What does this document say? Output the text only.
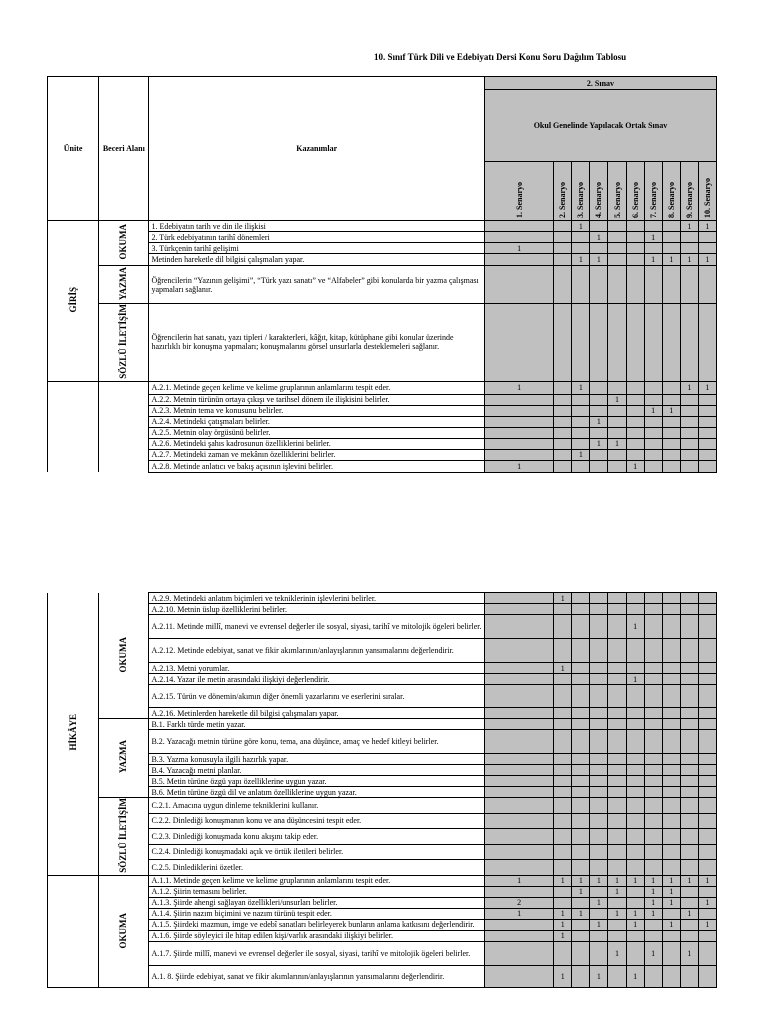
10. Sınıf Türk Dili ve Edebiyatı Dersi Konu Soru Dağılım Tablosu
Ünite	Beceri Alanı	Kazanımlar	2. Sınav									
			Okul Genelinde Yapılacak Ortak Sınav									
			1. Senaryo	2. Senaryo	3. Senaryo	4. Senaryo	5. Senaryo	6. Senaryo	7. Senaryo	8. Senaryo	9. Senaryo	10. Senaryo
GİRİŞ	OKUMA	1. Edebiyatın tarih ve din ile ilişkisi			1						1	1
		2. Türk edebiyatının tarihî dönemleri				1			1			
		3. Türkçenin tarihî gelişimi	1									
		Metinden hareketle dil bilgisi çalışmaları yapar.			1	1			1	1	1	1
	YAZMA	Öğrencilerin “Yazının gelişimi”, “Türk yazı sanatı” ve “Alfabeler” gibi konularda bir yazma çalışması yapmaları sağlanır.										
	SÖZLÜ İLETİŞİM	Öğrencilerin hat sanatı, yazı tipleri / karakterleri, kâğıt, kitap, kütüphane gibi konular üzerinde hazırlıklı bir konuşma yapmaları; konuşmalarını görsel unsurlarla desteklemeleri sağlanır.										
		A.2.1. Metinde geçen kelime ve kelime gruplarının anlamlarını tespit eder.	1		1						1	1
		A.2.2. Metnin türünün ortaya çıkışı ve tarihsel dönem ile ilişkisini belirler.					1					
		A.2.3. Metnin tema ve konusunu belirler.							1	1		
		A.2.4. Metindeki çatışmaları belirler.				1						
		A.2.5. Metnin olay örgüsünü belirler.										
		A.2.6. Metindeki şahıs kadrosunun özelliklerini belirler.				1	1					
		A.2.7. Metindeki zaman ve mekânın özelliklerini belirler.			1							
		A.2.8. Metinde anlatıcı ve bakış açısının işlevini belirler.	1					1				
HİKÂYE	OKUMA	A.2.9. Metindeki anlatım biçimleri ve tekniklerinin işlevlerini belirler.		1								
		A.2.10. Metnin üslup özelliklerini belirler.										
		A.2.11. Metinde millî, manevi ve evrensel değerler ile sosyal, siyasi, tarihî ve mitolojik ögeleri belirler.						1				
		A.2.12. Metinde edebiyat, sanat ve fikir akımlarının/anlayışlarının yansımalarını değerlendirir.										
		A.2.13. Metni yorumlar.		1								
		A.2.14. Yazar ile metin arasındaki ilişkiyi değerlendirir.						1				
		A.2.15. Türün ve dönemin/akımın diğer önemli yazarlarını ve eserlerini sıralar.										
		A.2.16. Metinlerden hareketle dil bilgisi çalışmaları yapar.										
	YAZMA	B.1. Farklı türde metin yazar.										
		B.2. Yazacağı metnin türüne göre konu, tema, ana düşünce, amaç ve hedef kitleyi belirler.										
		B.3. Yazma konusuyla ilgili hazırlık yapar.										
		B.4. Yazacağı metni planlar.										
		B.5. Metin türüne özgü yapı özelliklerine uygun yazar.										
		B.6. Metin türüne özgü dil ve anlatım özelliklerine uygun yazar.										
	SÖZLÜ İLETİŞİM	C.2.1. Amacına uygun dinleme tekniklerini kullanır.										
		C.2.2. Dinlediği konuşmanın konu ve ana düşüncesini tespit eder.										
		C.2.3. Dinlediği konuşmada konu akışını takip eder.										
		C.2.4. Dinlediği konuşmadaki açık ve örtük iletileri belirler.										
		C.2.5. Dinlediklerini özetler.										
	OKUMA	A.1.1. Metinde geçen kelime ve kelime gruplarının anlamlarını tespit eder.	1	1	1	1	1	1	1	1	1	1
		A.1.2. Şiirin temasını belirler.			1		1		1	1		
		A.1.3. Şiirde ahengi sağlayan özellikleri/unsurları belirler.	2			1			1	1		1
		A.1.4. Şiirin nazım biçimini ve nazım türünü tespit eder.	1	1	1		1	1	1		1	
		A.1.5. Şiirdeki mazmun, imge ve edebî sanatları belirleyerek bunların anlama katkısını değerlendirir.		1		1		1		1		1
		A.1.6. Şiirde söyleyici ile hitap edilen kişi/varlık arasındaki ilişkiyi belirler.		1								
		A.1.7. Şiirde millî, manevi ve evrensel değerler ile sosyal, siyasi, tarihî ve mitolojik ögeleri belirler.					1		1		1	
		A.1. 8. Şiirde edebiyat, sanat ve fikir akımlarının/anlayışlarının yansımalarını değerlendirir.		1		1		1				
